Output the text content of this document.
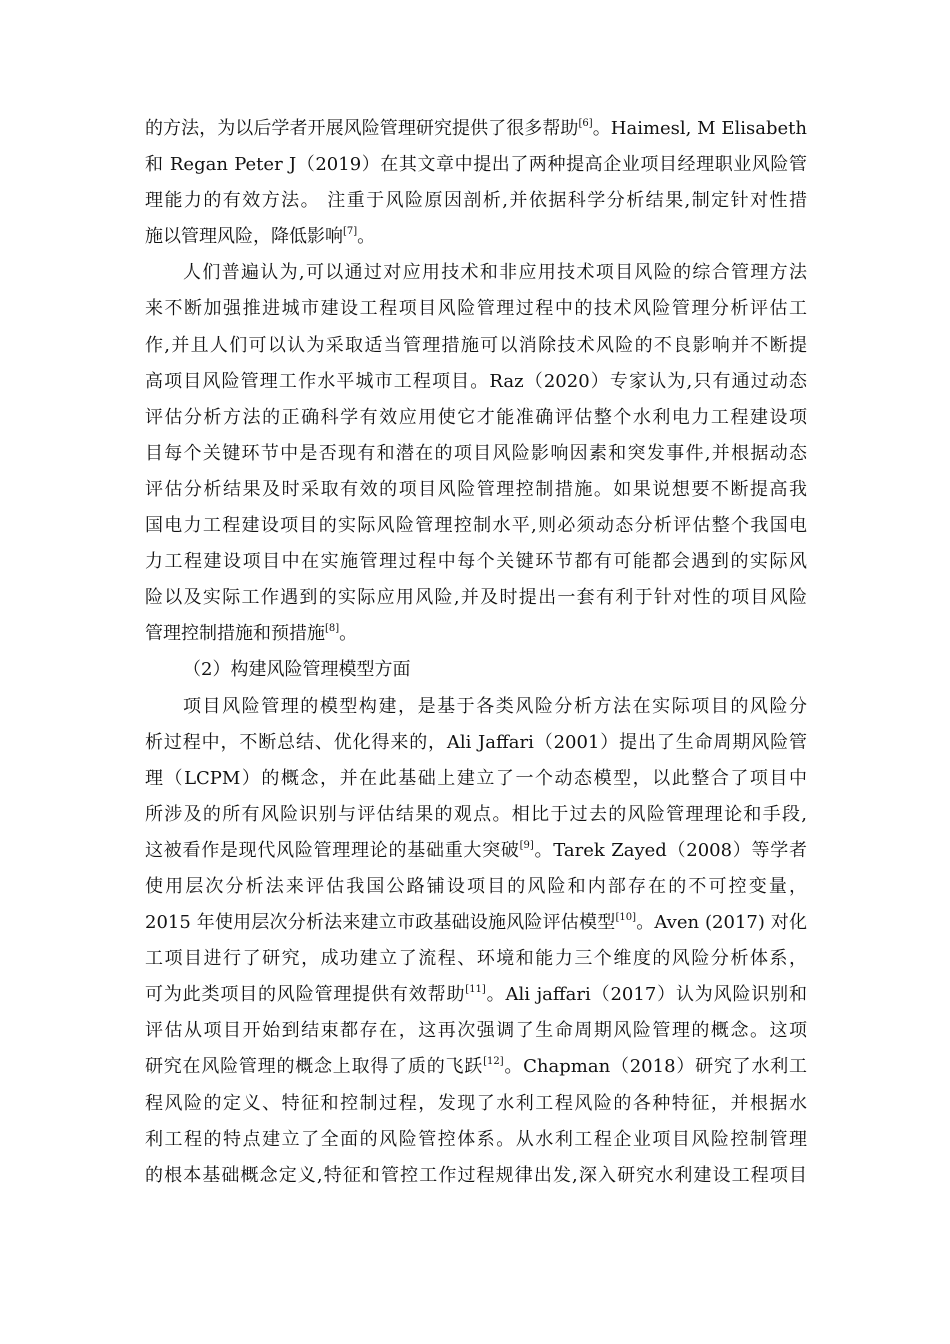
的方法，为以后学者开展风险管理研究提供了很多帮助[6]。Haimesl, M Elisabeth
和 Regan Peter J（2019）在其文章中提出了两种提高企业项目经理职业风险管
理能力的有效方法。 注重于风险原因剖析,并依据科学分析结果,制定针对性措
施以管理风险，降低影响[7]。
人们普遍认为,可以通过对应用技术和非应用技术项目风险的综合管理方法
来不断加强推进城市建设工程项目风险管理过程中的技术风险管理分析评估工
作,并且人们可以认为采取适当管理措施可以消除技术风险的不良影响并不断提
高项目风险管理工作水平城市工程项目。Raz（2020）专家认为,只有通过动态
评估分析方法的正确科学有效应用使它才能准确评估整个水利电力工程建设项
目每个关键环节中是否现有和潜在的项目风险影响因素和突发事件,并根据动态
评估分析结果及时采取有效的项目风险管理控制措施。如果说想要不断提高我
国电力工程建设项目的实际风险管理控制水平,则必须动态分析评估整个我国电
力工程建设项目中在实施管理过程中每个关键环节都有可能都会遇到的实际风
险以及实际工作遇到的实际应用风险,并及时提出一套有利于针对性的项目风险
管理控制措施和预措施[8]。
（2）构建风险管理模型方面
项目风险管理的模型构建，是基于各类风险分析方法在实际项目的风险分
析过程中，不断总结、优化得来的，Ali Jaffari（2001）提出了生命周期风险管
理（LCPM）的概念，并在此基础上建立了一个动态模型，以此整合了项目中
所涉及的所有风险识别与评估结果的观点。相比于过去的风险管理理论和手段,
这被看作是现代风险管理理论的基础重大突破[9]。Tarek Zayed（2008）等学者
使用层次分析法来评估我国公路铺设项目的风险和内部存在的不可控变量，
2015 年使用层次分析法来建立市政基础设施风险评估模型[10]。Aven (2017) 对化
工项目进行了研究，成功建立了流程、环境和能力三个维度的风险分析体系，
可为此类项目的风险管理提供有效帮助[11]。Ali jaffari（2017）认为风险识别和
评估从项目开始到结束都存在，这再次强调了生命周期风险管理的概念。这项
研究在风险管理的概念上取得了质的飞跃[12]。Chapman（2018）研究了水利工
程风险的定义、特征和控制过程，发现了水利工程风险的各种特征，并根据水
利工程的特点建立了全面的风险管控体系。从水利工程企业项目风险控制管理
的根本基础概念定义,特征和管控工作过程规律出发,深入研究水利建设工程项目
